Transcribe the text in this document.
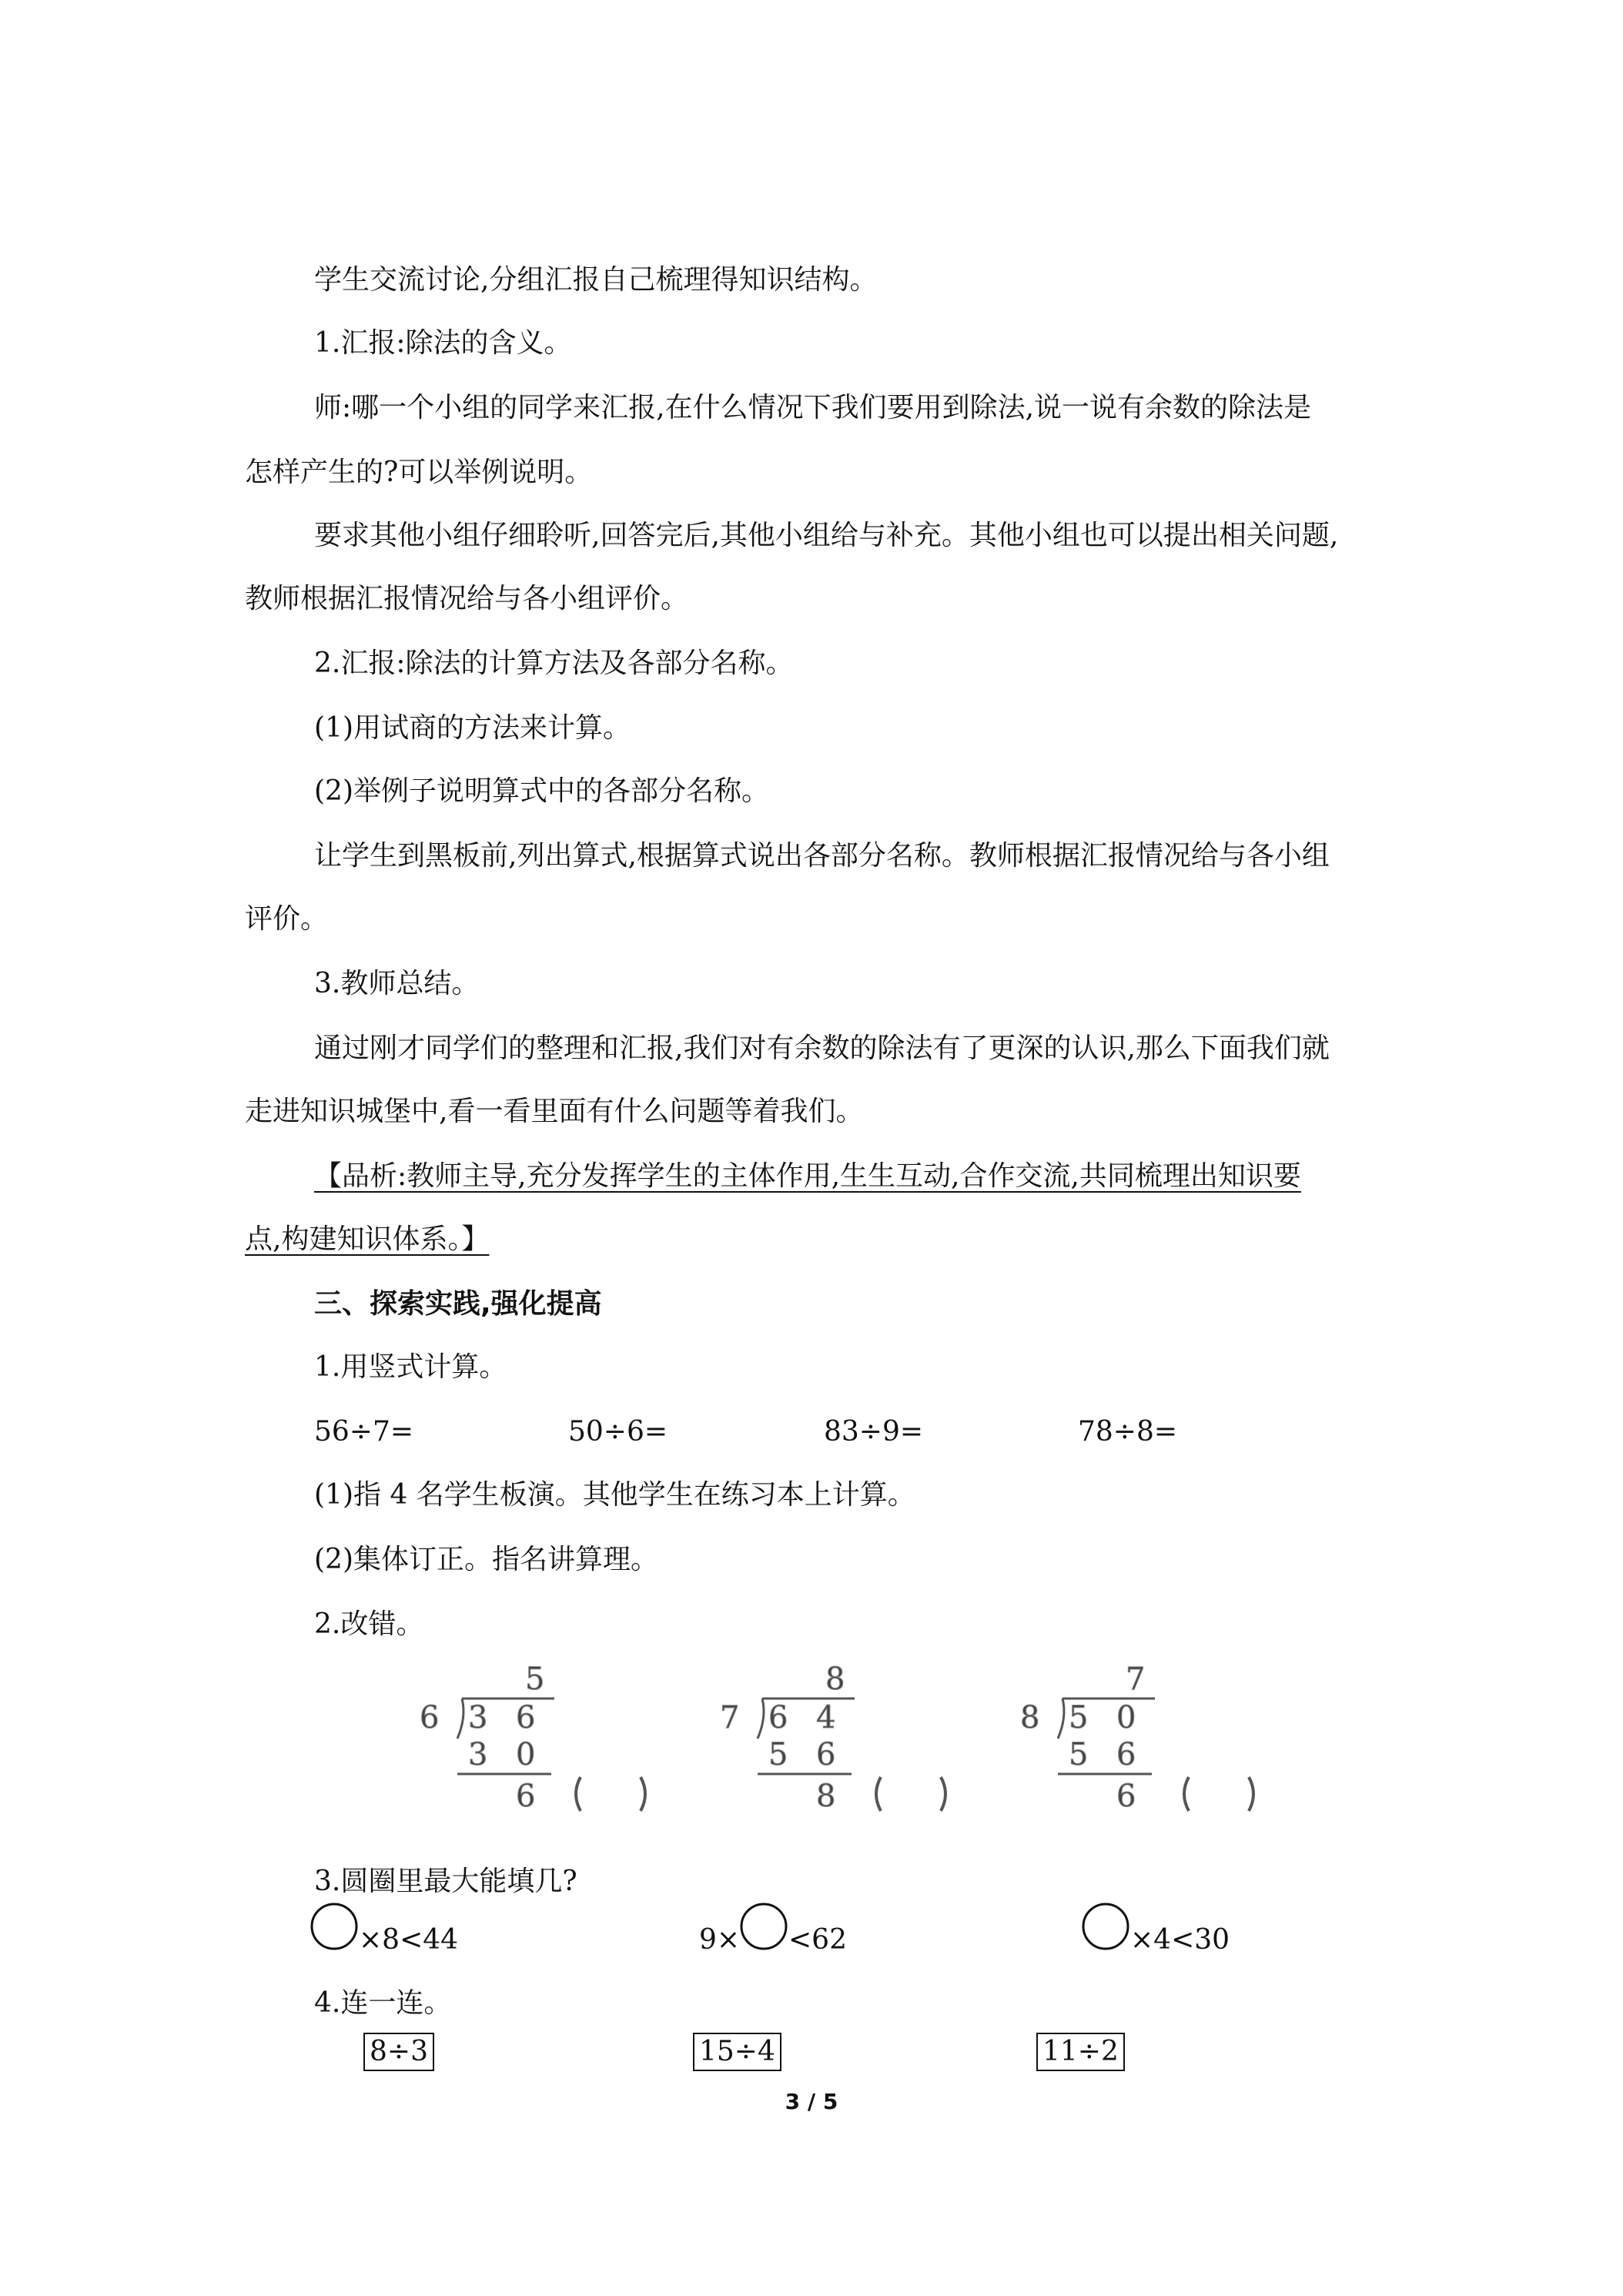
学生交流讨论,分组汇报自己梳理得知识结构。
1.汇报:除法的含义。
师:哪一个小组的同学来汇报,在什么情况下我们要用到除法,说一说有余数的除法是
怎样产生的?可以举例说明。
要求其他小组仔细聆听,回答完后,其他小组给与补充。其他小组也可以提出相关问题,
教师根据汇报情况给与各小组评价。
2.汇报:除法的计算方法及各部分名称。
(1)用试商的方法来计算。
(2)举例子说明算式中的各部分名称。
让学生到黑板前,列出算式,根据算式说出各部分名称。教师根据汇报情况给与各小组
评价。
3.教师总结。
通过刚才同学们的整理和汇报,我们对有余数的除法有了更深的认识,那么下面我们就
走进知识城堡中,看一看里面有什么问题等着我们。
【品析:教师主导,充分发挥学生的主体作用,生生互动,合作交流,共同梳理出知识要
点,构建知识体系。】
三、探索实践,强化提高
1.用竖式计算。
56÷7=	50÷6=	83÷9=	78÷8=
(1)指 4 名学生板演。其他学生在练习本上计算。
(2)集体订正。指名讲算理。
2.改错。
5
6 3 6
3 0
6
8
7 6 4
5 6
8
7
8 5 0
5 6
6
3.圆圈里最大能填几?
×8<44	9× <62	×4<30
4.连一连。
8÷3	15÷4	11÷2
3 / 5
